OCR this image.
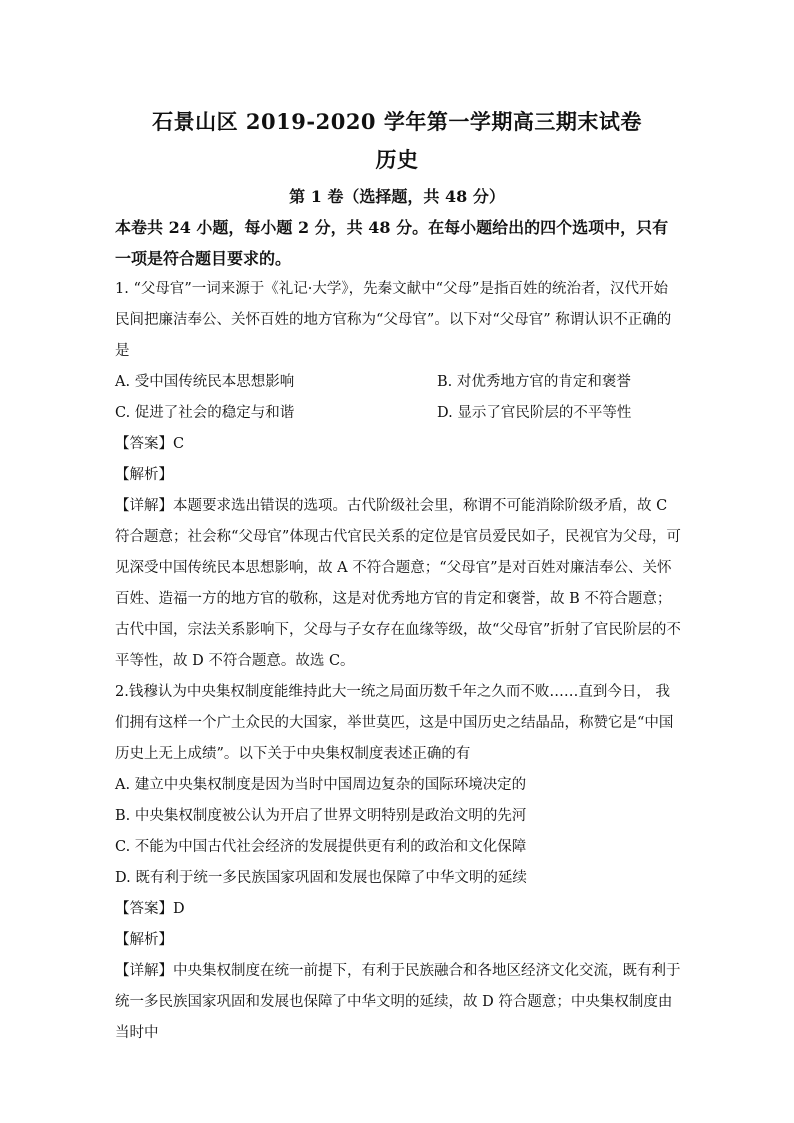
石景山区 2019-2020 学年第一学期高三期末试卷
历史
第 1 卷（选择题，共 48 分）

本卷共 24 小题，每小题 2 分，共 48 分。在每小题给出的四个选项中，只有一项是符合题目要求的。

1. “父母官”一词来源于《礼记·大学》，先秦文献中“父母”是指百姓的统治者，汉代开始民间把廉洁奉公、关怀百姓的地方官称为“父母官”。以下对“父母官” 称谓认识不正确的是

A. 受中国传统民本思想影响	B. 对优秀地方官的肯定和褒誉
C. 促进了社会的稳定与和谐	D. 显示了官民阶层的不平等性
【答案】C
【解析】

【详解】本题要求选出错误的选项。古代阶级社会里，称谓不可能消除阶级矛盾，故 C 符合题意；社会称“父母官”体现古代官民关系的定位是官员爱民如子，民视官为父母，可见深受中国传统民本思想影响，故 A 不符合题意；“父母官”是对百姓对廉洁奉公、关怀百姓、造福一方的地方官的敬称，这是对优秀地方官的肯定和褒誉，故 B 不符合题意；古代中国，宗法关系影响下，父母与子女存在血缘等级，故“父母官”折射了官民阶层的不平等性，故 D 不符合题意。故选 C。

2.钱穆认为中央集权制度能维持此大一统之局面历数千年之久而不败……直到今日， 我们拥有这样一个广土众民的大国家，举世莫匹，这是中国历史之结晶品，称赞它是“中国历史上无上成绩”。以下关于中央集权制度表述正确的有

A. 建立中央集权制度是因为当时中国周边复杂的国际环境决定的
B. 中央集权制度被公认为开启了世界文明特别是政治文明的先河
C. 不能为中国古代社会经济的发展提供更有利的政治和文化保障
D. 既有利于统一多民族国家巩固和发展也保障了中华文明的延续
【答案】D
【解析】

【详解】中央集权制度在统一前提下，有利于民族融合和各地区经济文化交流，既有利于统一多民族国家巩固和发展也保障了中华文明的延续，故 D 符合题意；中央集权制度由当时中
